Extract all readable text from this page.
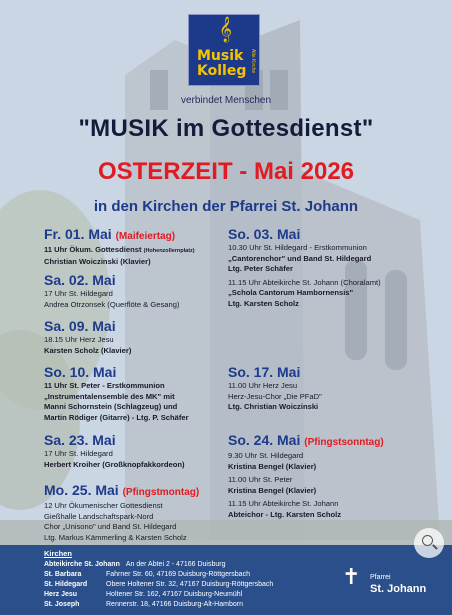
𝄞
Musik
Kolleg Alte Kirche
verbindet Menschen
"MUSIK im Gottesdienst"
OSTERZEIT - Mai 2026
in den Kirchen der Pfarrei St. Johann
Fr. 01. Mai (Maifeiertag)
11 Uhr Ökum. Gottesdienst (Hohenzollernplatz)
Christian Woiczinski (Klavier)
Sa. 02. Mai
17 Uhr St. Hildegard
Andrea Otrzonsek (Querflöte & Gesang)
Sa. 09. Mai
18.15 Uhr Herz Jesu
Karsten Scholz (Klavier)
So. 10. Mai
11 Uhr St. Peter - Erstkommunion
„Instrumentalensemble des MK" mit
Manni Schornstein (Schlagzeug) und
Martin Rödiger (Gitarre) - Ltg. P. Schäfer
Sa. 23. Mai
17 Uhr St. Hildegard
Herbert Kroiher (Großknopfakkordeon)
Mo. 25. Mai (Pfingstmontag)
12 Uhr Ökumenischer Gottesdienst
Gießhalle Landschaftspark-Nord
Chor „Unisono" und Band St. Hildegard
Ltg. Markus Kämmerling & Karsten Scholz
So. 03. Mai
10.30 Uhr St. Hildegard - Erstkommunion
„Cantorenchor" und Band St. Hildegard
Ltg. Peter Schäfer
11.15 Uhr Abteikirche St. Johann (Choralamt)
„Schola Cantorum Hambornensis"
Ltg. Karsten Scholz
So. 17. Mai
11.00 Uhr Herz Jesu
Herz-Jesu-Chor „Die PFaD"
Ltg. Christian Woiczinski
So. 24. Mai (Pfingstsonntag)
9.30 Uhr St. Hildegard
Kristina Bengel (Klavier)
11.00 Uhr St. Peter
Kristina Bengel (Klavier)
11.15 Uhr Abteikirche St. Johann
Abteichor - Ltg. Karsten Scholz
Kirchen
Abteikirche St. Johann An der Abtei 2 - 47166 Duisburg
St. Barbara	Fahrner Str. 60, 47169 Duisburg-Röttgersbach
St. Hildegard	Obere Holtener Str. 32, 47167 Duisburg-Röttgersbach
Herz Jesu	Holtener Str. 162, 47167 Duisburg-Neumühl
St. Joseph	Rennerstr. 18, 47166 Duisburg-Alt-Hamborn
✝ Pfarrei
St. Johann
